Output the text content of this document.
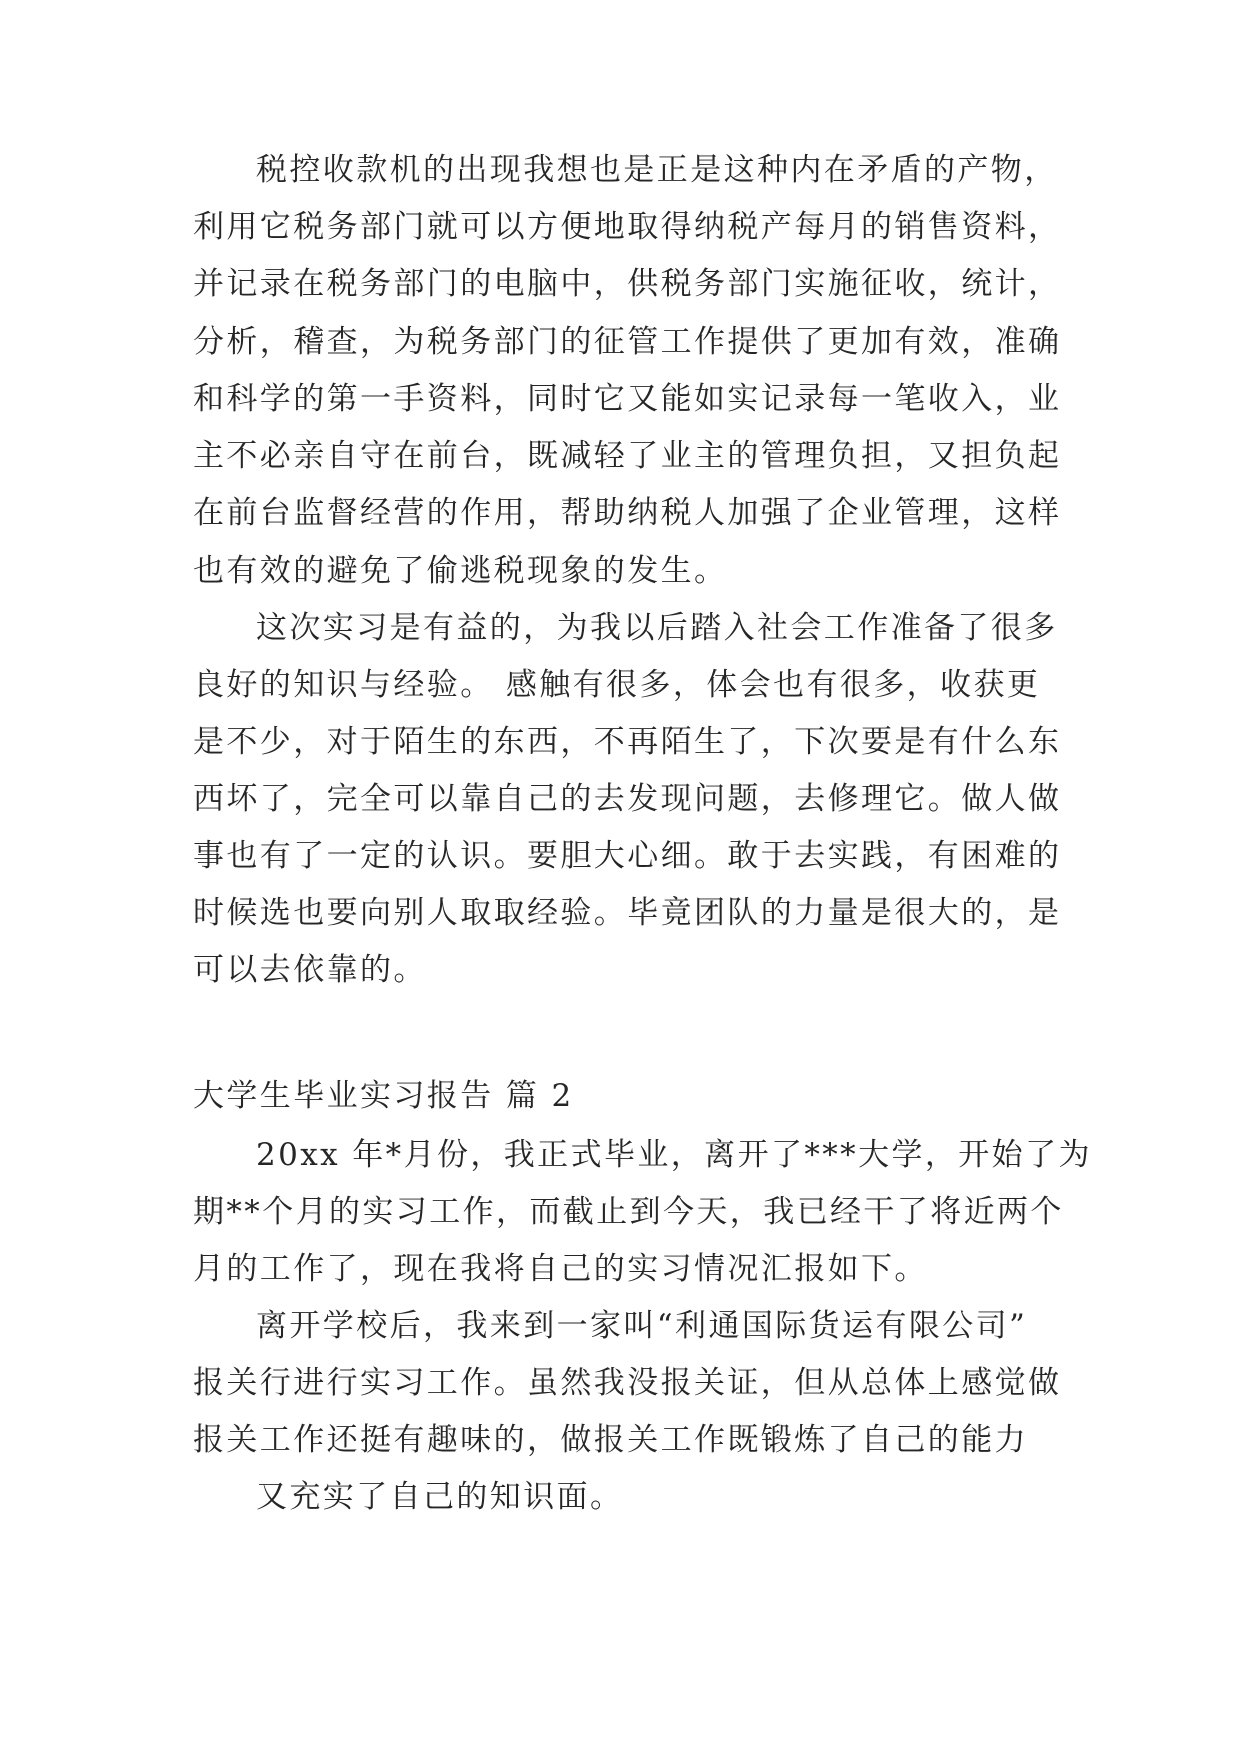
税控收款机的出现我想也是正是这种内在矛盾的产物，

利用它税务部门就可以方便地取得纳税产每月的销售资料，

并记录在税务部门的电脑中，供税务部门实施征收，统计，

分析，稽查，为税务部门的征管工作提供了更加有效，准确

和科学的第一手资料，同时它又能如实记录每一笔收入，业

主不必亲自守在前台，既减轻了业主的管理负担，又担负起

在前台监督经营的作用，帮助纳税人加强了企业管理，这样

也有效的避免了偷逃税现象的发生。

这次实习是有益的，为我以后踏入社会工作准备了很多

良好的知识与经验。 感触有很多，体会也有很多，收获更

是不少，对于陌生的东西，不再陌生了，下次要是有什么东

西坏了，完全可以靠自己的去发现问题，去修理它。做人做

事也有了一定的认识。要胆大心细。敢于去实践，有困难的

时候选也要向别人取取经验。毕竟团队的力量是很大的，是

可以去依靠的。

大学生毕业实习报告 篇 2

20xx 年*月份，我正式毕业，离开了***大学，开始了为

期**个月的实习工作，而截止到今天，我已经干了将近两个

月的工作了，现在我将自己的实习情况汇报如下。

离开学校后，我来到一家叫“利通国际货运有限公司”

报关行进行实习工作。虽然我没报关证，但从总体上感觉做

报关工作还挺有趣味的，做报关工作既锻炼了自己的能力

又充实了自己的知识面。
